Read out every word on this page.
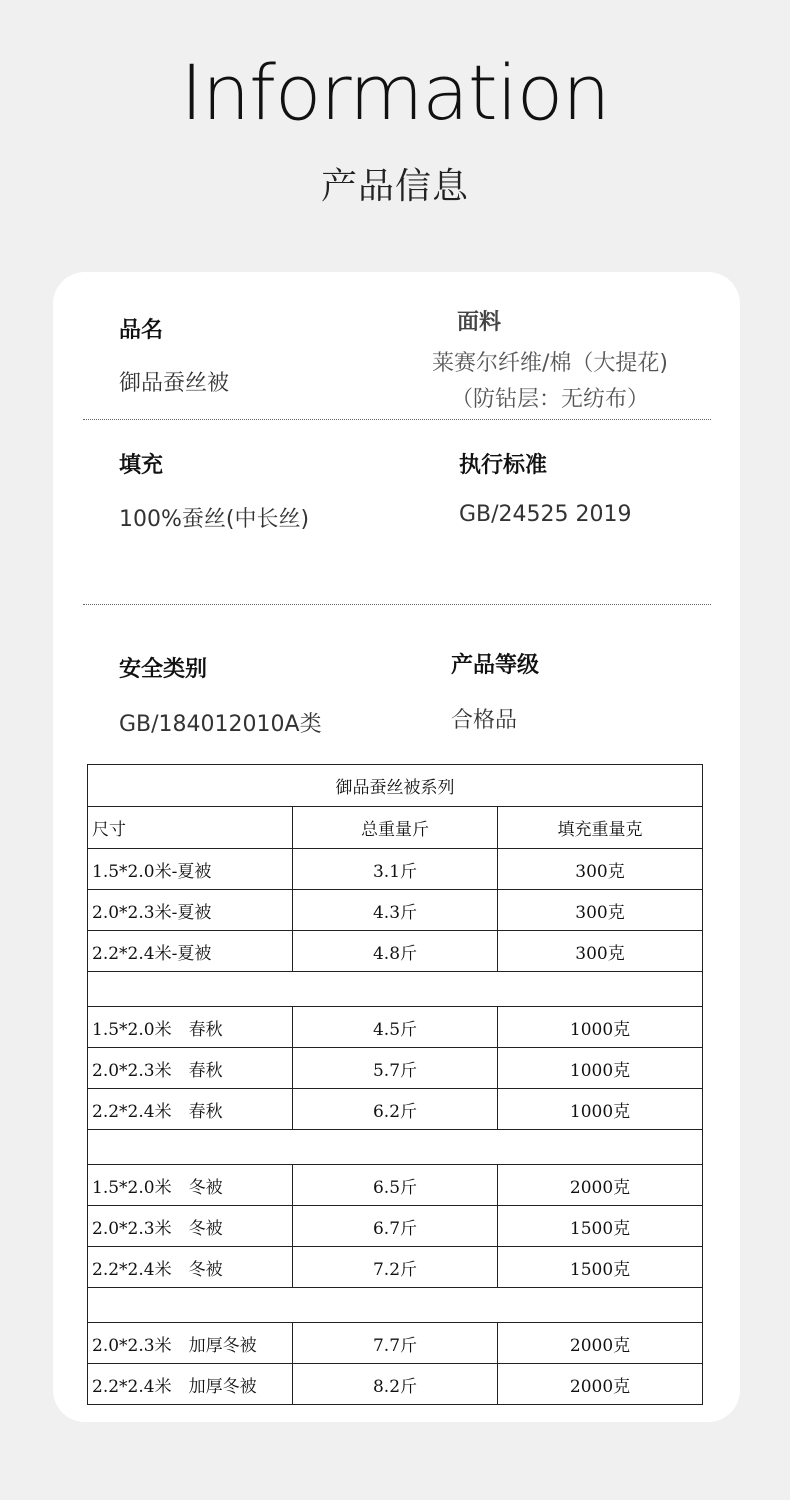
Information
产品信息
品名
御品蚕丝被
面料
莱赛尔纤维/棉（大提花)
（防钻层：无纺布）
填充
100%蚕丝(中长丝)
执行标准
GB/24525 2019
安全类别
GB/184012010A类
产品等级
合格品
御品蚕丝被系列		
尺寸	总重量斤	填充重量克
1.5*2.0米-夏被	3.1斤	300克
2.0*2.3米-夏被	4.3斤	300克
2.2*2.4米-夏被	4.8斤	300克

1.5*2.0米　春秋	4.5斤	1000克
2.0*2.3米　春秋	5.7斤	1000克
2.2*2.4米　春秋	6.2斤	1000克

1.5*2.0米　冬被	6.5斤	2000克
2.0*2.3米　冬被	6.7斤	1500克
2.2*2.4米　冬被	7.2斤	1500克

2.0*2.3米　加厚冬被	7.7斤	2000克
2.2*2.4米　加厚冬被	8.2斤	2000克
